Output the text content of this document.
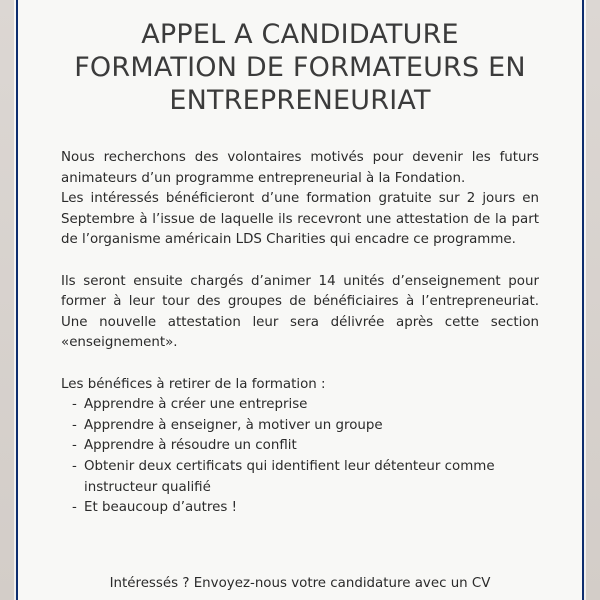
APPEL A CANDIDATURE
FORMATION DE FORMATEURS EN
ENTREPRENEURIAT

Nous recherchons des volontaires motivés pour devenir les futurs animateurs d’un programme entrepreneurial à la Fondation.

Les intéressés bénéficieront d’une formation gratuite sur 2 jours en Septembre à l’issue de laquelle ils recevront une attestation de la part de l’organisme américain LDS Charities qui encadre ce programme.

Ils seront ensuite chargés d’animer 14 unités d’enseignement pour former à leur tour des groupes de bénéficiaires à l’entrepreneuriat. Une nouvelle attestation leur sera délivrée après cette section «enseignement».

Les bénéfices à retirer de la formation :

- Apprendre à créer une entreprise
- Apprendre à enseigner, à motiver un groupe
- Apprendre à résoudre un conflit
- Obtenir deux certificats qui identifient leur détenteur comme
instructeur qualifié
- Et beaucoup d’autres !
Intéressés ? Envoyez-nous votre candidature avec un CV
